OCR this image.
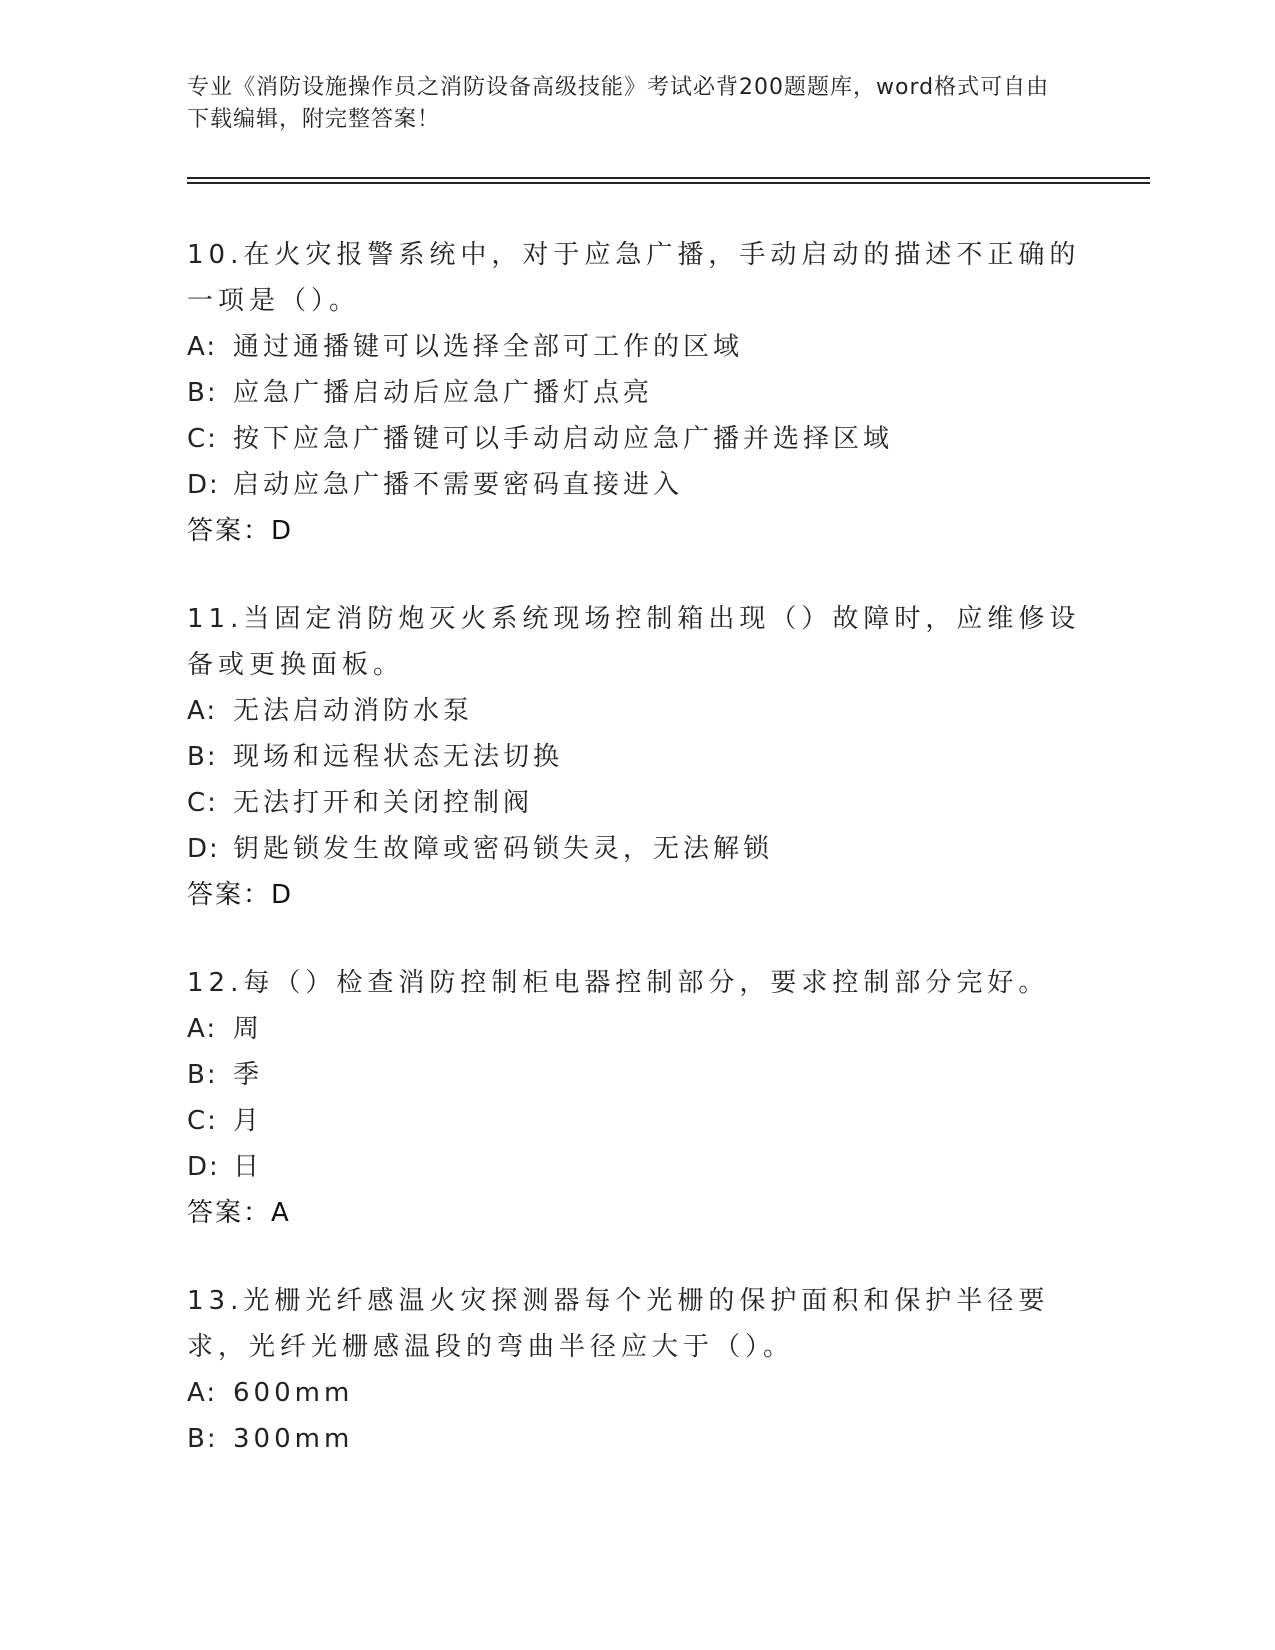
专业《消防设施操作员之消防设备高级技能》考试必背200题题库，word格式可自由下载编辑，附完整答案！

10.在火灾报警系统中，对于应急广播，手动启动的描述不正确的一项是（）。

A: 通过通播键可以选择全部可工作的区域

B: 应急广播启动后应急广播灯点亮

C: 按下应急广播键可以手动启动应急广播并选择区域

D: 启动应急广播不需要密码直接进入

答案：D

11.当固定消防炮灭火系统现场控制箱出现（）故障时，应维修设备或更换面板。

A: 无法启动消防水泵

B: 现场和远程状态无法切换

C: 无法打开和关闭控制阀

D: 钥匙锁发生故障或密码锁失灵，无法解锁

答案：D

12.每（）检查消防控制柜电器控制部分，要求控制部分完好。

A: 周

B: 季

C: 月

D: 日

答案：A

13.光栅光纤感温火灾探测器每个光栅的保护面积和保护半径要求，光纤光栅感温段的弯曲半径应大于（）。

A: 600mm

B: 300mm
